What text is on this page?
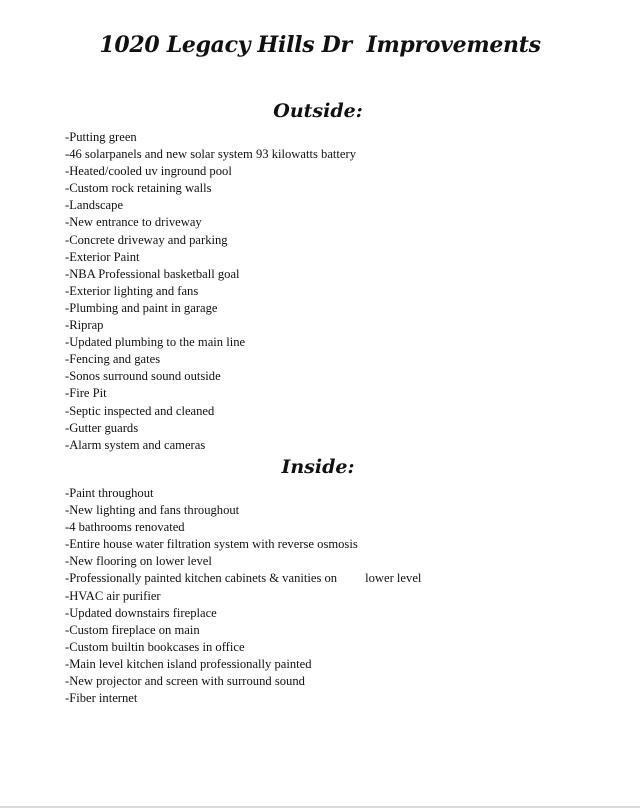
1020 Legacy Hills Dr  Improvements
Outside:
-Putting green
-46 solarpanels and new solar system 93 kilowatts battery
-Heated/cooled uv inground pool
-Custom rock retaining walls
-Landscape
-New entrance to driveway
-Concrete driveway and parking
-Exterior Paint
-NBA Professional basketball goal
-Exterior lighting and fans
-Plumbing and paint in garage
-Riprap
-Updated plumbing to the main line
-Fencing and gates
-Sonos surround sound outside
-Fire Pit
-Septic inspected and cleaned
-Gutter guards
-Alarm system and cameras
Inside:
-Paint throughout
-New lighting and fans throughout
-4 bathrooms renovated
-Entire house water filtration system with reverse osmosis
-New flooring on lower level
-Professionally painted kitchen cabinets & vanities on lower level
-HVAC air purifier
-Updated downstairs fireplace
-Custom fireplace on main
-Custom builtin bookcases in office
-Main level kitchen island professionally painted
-New projector and screen with surround sound
-Fiber internet
